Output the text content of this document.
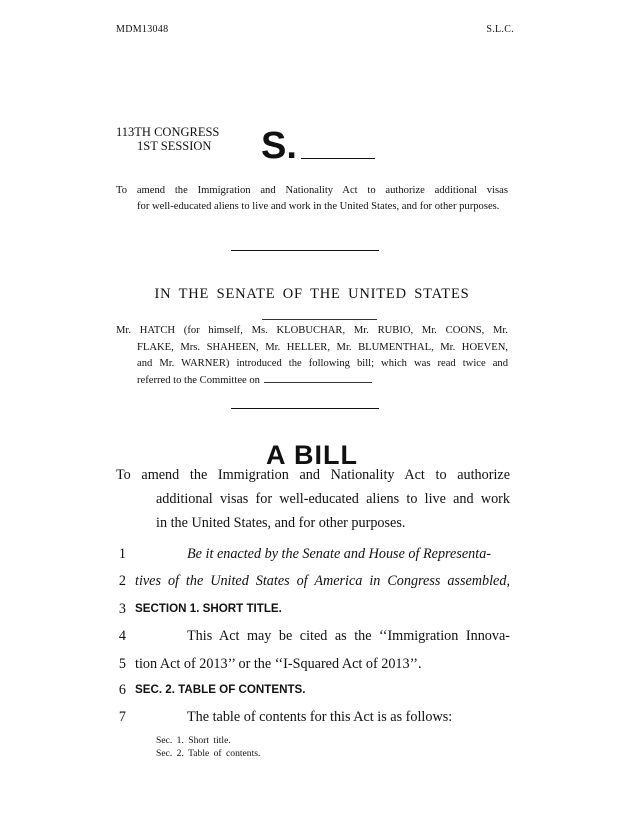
MDM13048	S.L.C.
113TH CONGRESS
1ST SESSION S.
To amend the Immigration and Nationality Act to authorize additional visas
for well-educated aliens to live and work in the United States, and for other purposes.
IN THE SENATE OF THE UNITED STATES
Mr. HATCH (for himself, Ms. KLOBUCHAR, Mr. RUBIO, Mr. COONS, Mr.
FLAKE, Mrs. SHAHEEN, Mr. HELLER, Mr. BLUMENTHAL, Mr. HOEVEN,
and Mr. WARNER) introduced the following bill; which was read twice and
referred to the Committee on
A BILL
To amend the Immigration and Nationality Act to authorize
additional visas for well-educated aliens to live and work
in the United States, and for other purposes.
1	Be it enacted by the Senate and House of Representa-
2 tives of the United States of America in Congress assembled,
3 SECTION 1. SHORT TITLE.
4	This Act may be cited as the ‘‘Immigration Innova-
5 tion Act of 2013’’ or the ‘‘I-Squared Act of 2013’’.
6 SEC. 2. TABLE OF CONTENTS.
7	The table of contents for this Act is as follows:
Sec. 1. Short title.
Sec. 2. Table of contents.
